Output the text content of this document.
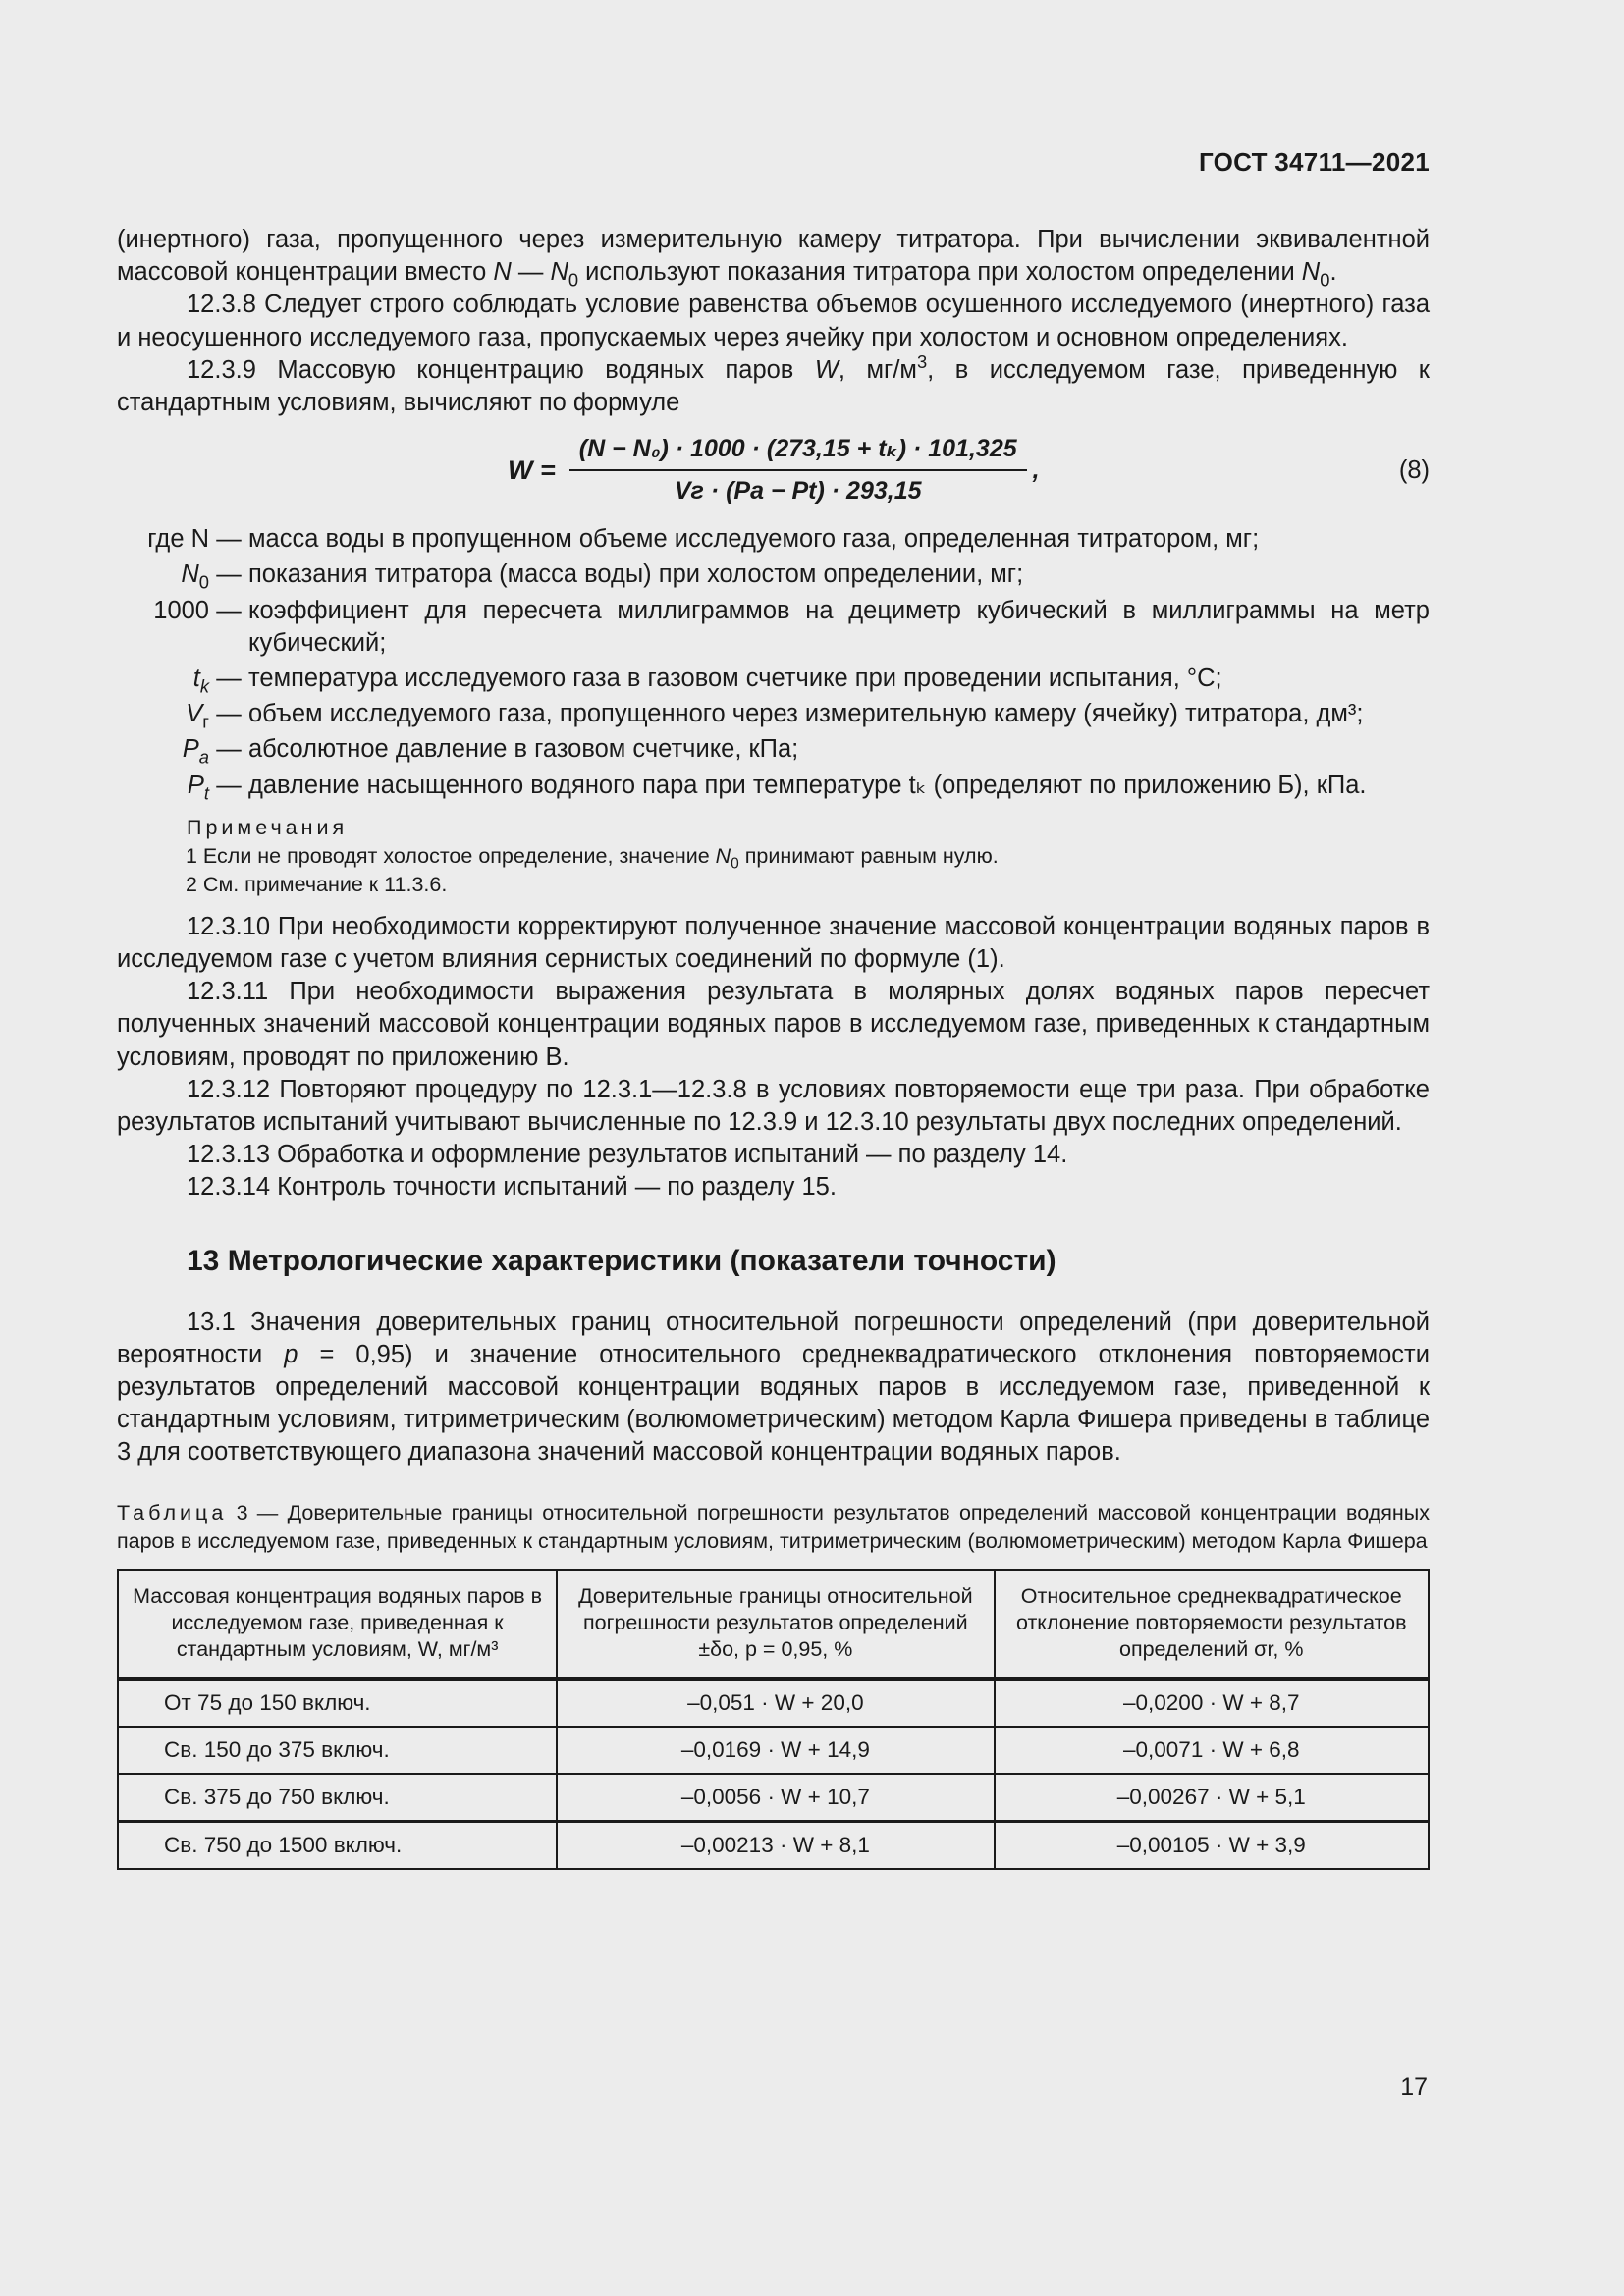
ГОСТ 34711—2021

(инертного) газа, пропущенного через измерительную камеру титратора. При вычислении эквивалентной массовой концентрации вместо N — $N_0$ используют показания титратора при холостом определении $N_0$.

12.3.8 Следует строго соблюдать условие равенства объемов осушенного исследуемого (инертного) газа и неосушенного исследуемого газа, пропускаемых через ячейку при холостом и основном определениях.

12.3.9 Массовую концентрацию водяных паров W, $мг/м^3$, в исследуемом газе, приведенную к стандартным условиям, вычисляют по формуле

$W = \frac{\text{(N − N₀) · 1000 · (273,15 + tₖ) · 101,325}}{Vг \cdot (Pa - Pt) \cdot 293,15}$ ,	(8)
где N — масса воды в пропущенном объеме исследуемого газа, определенная титратором, мг;
$N_0$ — показания титратора (масса воды) при холостом определении, мг;
1000 — коэффициент для пересчета миллиграммов на дециметр кубический в миллиграммы на метр кубический;
$t_k$ — температура исследуемого газа в газовом счетчике при проведении испытания, °С;
$V_г$ — объем исследуемого газа, пропущенного через измерительную камеру (ячейку) титратора, дм³;
$P_a$ — абсолютное давление в газовом счетчике, кПа;
$P_t$ — давление насыщенного водяного пара при температуре tₖ (определяют по приложению Б), кПа.
Примечания
1 Если не проводят холостое определение, значение $N_0$ принимают равным нулю.
2 См. примечание к 11.3.6.

12.3.10 При необходимости корректируют полученное значение массовой концентрации водяных паров в исследуемом газе с учетом влияния сернистых соединений по формуле (1).

12.3.11 При необходимости выражения результата в молярных долях водяных паров пересчет полученных значений массовой концентрации водяных паров в исследуемом газе, приведенных к стандартным условиям, проводят по приложению В.

12.3.12 Повторяют процедуру по 12.3.1—12.3.8 в условиях повторяемости еще три раза. При обработке результатов испытаний учитывают вычисленные по 12.3.9 и 12.3.10 результаты двух последних определений.

12.3.13 Обработка и оформление результатов испытаний — по разделу 14.

12.3.14 Контроль точности испытаний — по разделу 15.

13 Метрологические характеристики (показатели точности)

13.1 Значения доверительных границ относительной погрешности определений (при доверительной вероятности р = 0,95) и значение относительного среднеквадратического отклонения повторяемости результатов определений массовой концентрации водяных паров в исследуемом газе, приведенной к стандартным условиям, титриметрическим (волюмометрическим) методом Карла Фишера приведены в таблице 3 для соответствующего диапазона значений массовой концентрации водяных паров.

Таблица 3 — Доверительные границы относительной погрешности результатов определений массовой концентрации водяных паров в исследуемом газе, приведенных к стандартным условиям, титриметрическим (волюмометрическим) методом Карла Фишера
Массовая концентрация водяных паров в исследуемом газе, приведенная к стандартным условиям, W, мг/м³	Доверительные границы относительной погрешности результатов определений ±δо, р = 0,95, %	Относительное среднеквадратическое отклонение повторяемости результатов определений σr, %
От 75 до 150 включ.	–0,051 · W + 20,0	–0,0200 · W + 8,7
Св. 150 до 375 включ.	–0,0169 · W + 14,9	–0,0071 · W + 6,8
Св. 375 до 750 включ.	–0,0056 · W + 10,7	–0,00267 · W + 5,1
Св. 750 до 1500 включ.	–0,00213 · W + 8,1	–0,00105 · W + 3,9
17
